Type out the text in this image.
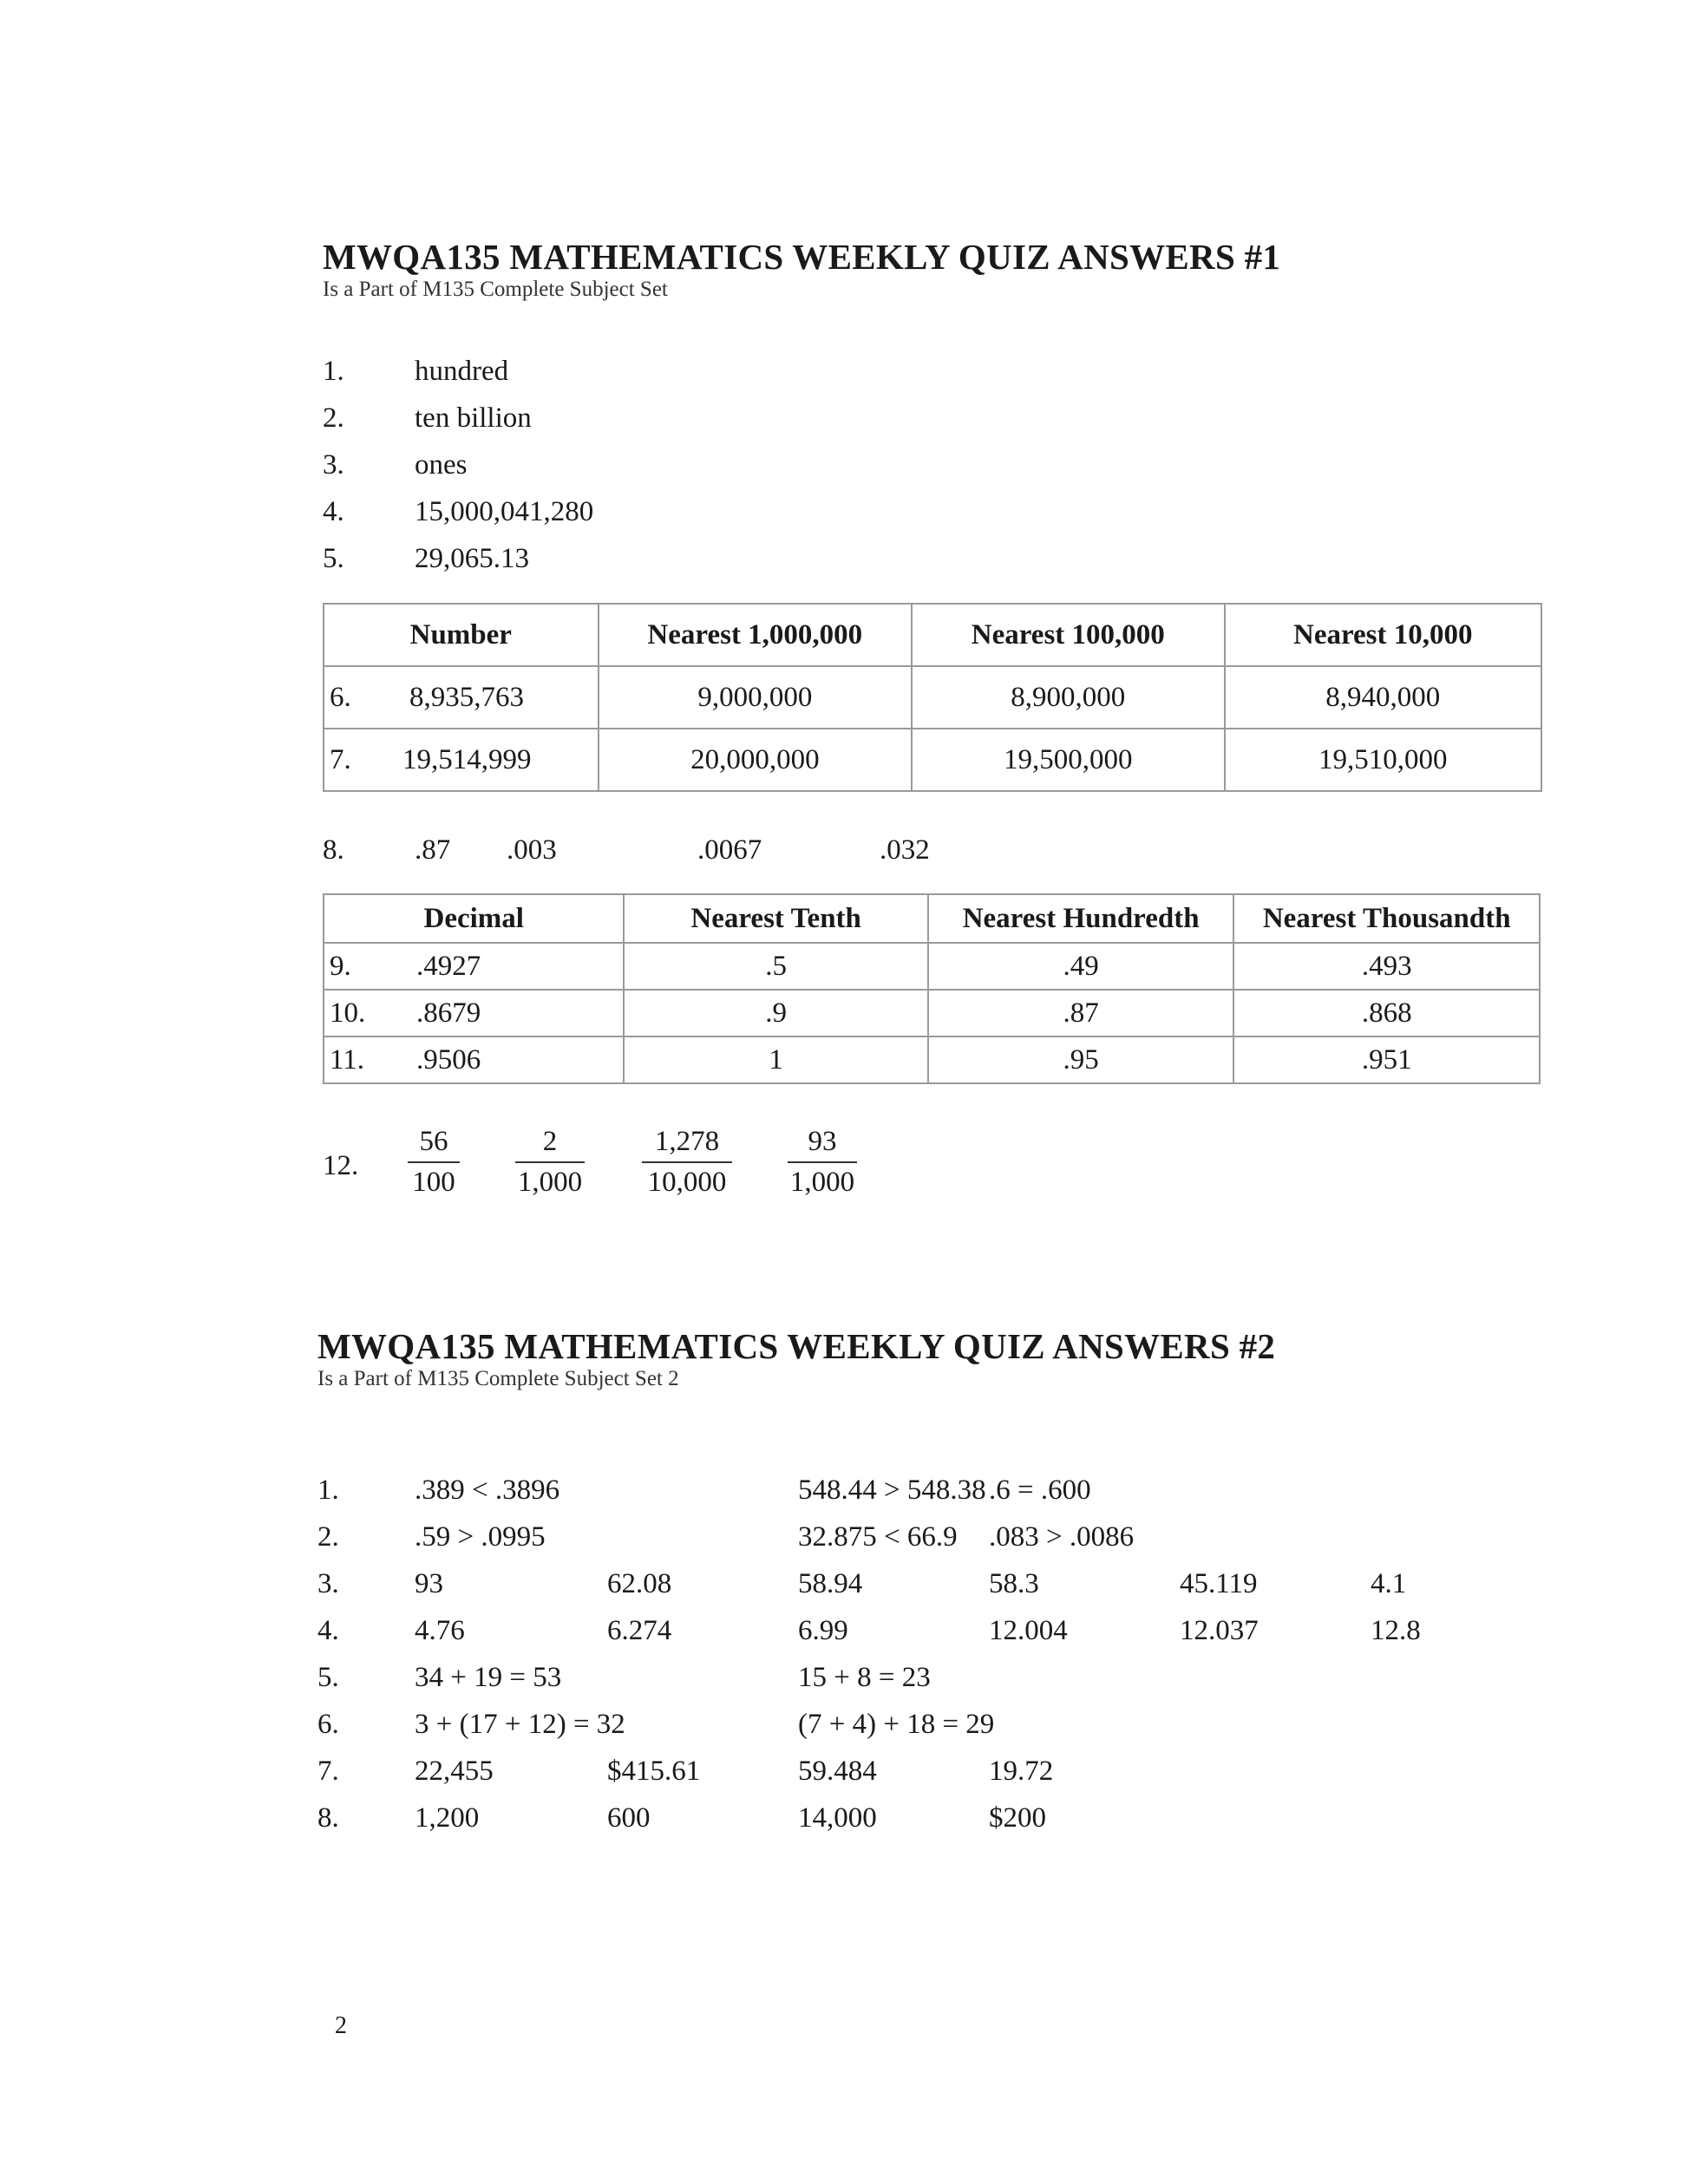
MWQA135 MATHEMATICS WEEKLY QUIZ ANSWERS #1
Is a Part of M135 Complete Subject Set
1. hundred
2. ten billion
3. ones
4. 15,000,041,280
5. 29,065.13
Number	Nearest 1,000,000	Nearest 100,000	Nearest 10,000
6. 8,935,763	9,000,000	8,900,000	8,940,000
7. 19,514,999	20,000,000	19,500,000	19,510,000
8. .87 .003	.0067	.032
Decimal	Nearest Tenth	Nearest Hundredth	Nearest Thousandth
9. .4927	.5	.49	.493
10. .8679	.9	.87	.868
11. .9506	1	.95	.951
12. $\frac{56}{100} \frac{2}{1,000} \frac{1,278}{10,000} \frac{93}{1,000}$
MWQA135 MATHEMATICS WEEKLY QUIZ ANSWERS #2
Is a Part of M135 Complete Subject Set 2
1.	.389 < .3896	548.44 > 548.38 .6 = .600
2.	.59 > .0995	32.875 < 66.9 .083 > .0086
3.	93	62.08	58.94	58.3	45.119	4.1
4.	4.76	6.274	6.99	12.004	12.037	12.8
5.	34 + 19 = 53	15 + 8 = 23
6.	3 + (17 + 12) = 32	(7 + 4) + 18 = 29
7.	22,455	$415.61	59.484	19.72
8.	1,200	600	14,000	$200
2
